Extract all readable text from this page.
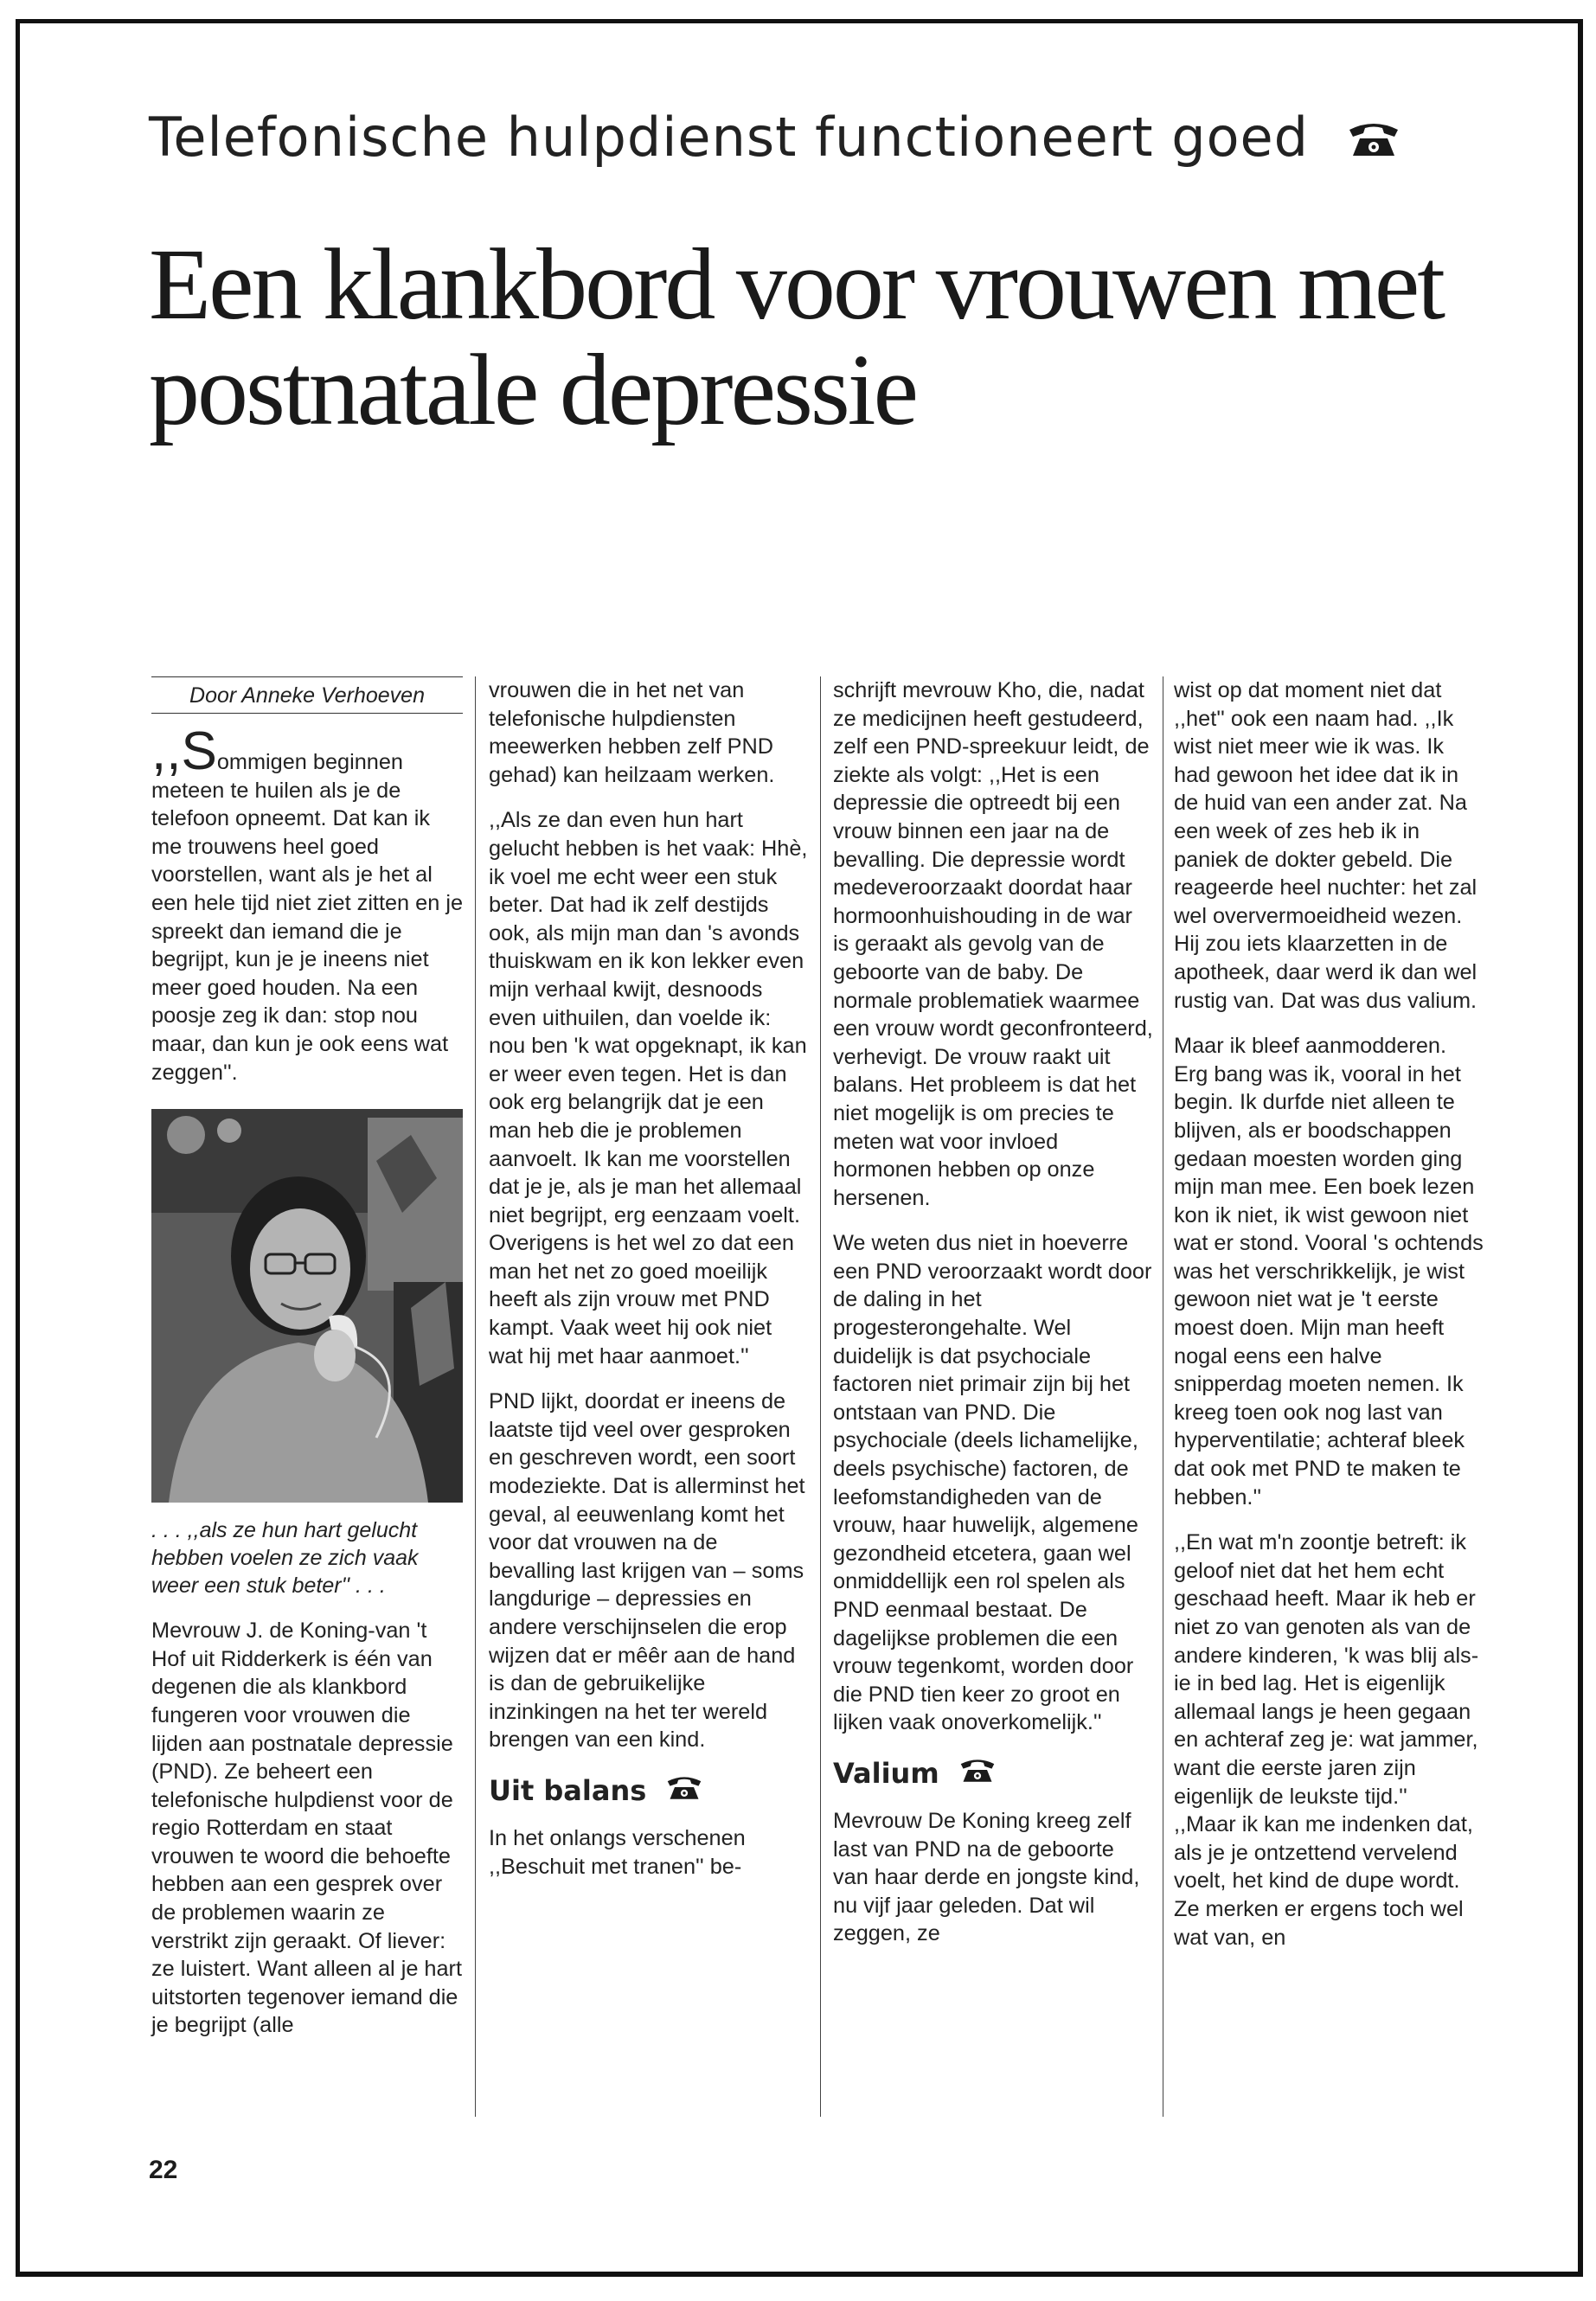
Telefonische hulpdienst functioneert goed
Een klankbord voor vrouwen met postnatale depressie
Door Anneke Verhoeven

,,Sommigen beginnen meteen te huilen als je de telefoon opneemt. Dat kan ik me trouwens heel goed voorstellen, want als je het al een hele tijd niet ziet zitten en je spreekt dan iemand die je begrijpt, kun je je ineens niet meer goed houden. Na een poosje zeg ik dan: stop nou maar, dan kun je ook eens wat zeggen''.

. . . ,,als ze hun hart gelucht hebben voelen ze zich vaak weer een stuk beter'' . . .

Mevrouw J. de Koning-van 't Hof uit Ridderkerk is één van degenen die als klankbord fungeren voor vrouwen die lijden aan postnatale depressie (PND). Ze beheert een telefonische hulpdienst voor de regio Rotterdam en staat vrouwen te woord die behoefte hebben aan een gesprek over de problemen waarin ze verstrikt zijn geraakt. Of liever: ze luistert. Want alleen al je hart uitstorten tegenover iemand die je begrijpt (alle

vrouwen die in het net van telefonische hulpdiensten meewerken hebben zelf PND gehad) kan heilzaam werken.

,,Als ze dan even hun hart gelucht hebben is het vaak: Hhè, ik voel me echt weer een stuk beter. Dat had ik zelf destijds ook, als mijn man dan 's avonds thuiskwam en ik kon lekker even mijn verhaal kwijt, desnoods even uithuilen, dan voelde ik: nou ben 'k wat opgeknapt, ik kan er weer even tegen. Het is dan ook erg belangrijk dat je een man heb die je problemen aanvoelt. Ik kan me voorstellen dat je je, als je man het allemaal niet begrijpt, erg eenzaam voelt. Overigens is het wel zo dat een man het net zo goed moeilijk heeft als zijn vrouw met PND kampt. Vaak weet hij ook niet wat hij met haar aanmoet.''

PND lijkt, doordat er ineens de laatste tijd veel over gesproken en geschreven wordt, een soort modeziekte. Dat is allerminst het geval, al eeuwenlang komt het voor dat vrouwen na de bevalling last krijgen van – soms langdurige – depressies en andere verschijnselen die erop wijzen dat er mêêr aan de hand is dan de gebruikelijke inzinkingen na het ter wereld brengen van een kind.

Uit balans

In het onlangs verschenen ,,Beschuit met tranen'' be-

schrijft mevrouw Kho, die, nadat ze medicijnen heeft gestudeerd, zelf een PND-spreekuur leidt, de ziekte als volgt: ,,Het is een depressie die optreedt bij een vrouw binnen een jaar na de bevalling. Die depressie wordt medeveroorzaakt doordat haar hormoonhuishouding in de war is geraakt als gevolg van de geboorte van de baby. De normale problematiek waarmee een vrouw wordt geconfronteerd, verhevigt. De vrouw raakt uit balans. Het probleem is dat het niet mogelijk is om precies te meten wat voor invloed hormonen hebben op onze hersenen.

We weten dus niet in hoeverre een PND veroorzaakt wordt door de daling in het progesterongehalte. Wel duidelijk is dat psychociale factoren niet primair zijn bij het ontstaan van PND. Die psychociale (deels lichamelijke, deels psychische) factoren, de leefomstandigheden van de vrouw, haar huwelijk, algemene gezondheid etcetera, gaan wel onmiddellijk een rol spelen als PND eenmaal bestaat. De dagelijkse problemen die een vrouw tegenkomt, worden door die PND tien keer zo groot en lijken vaak onoverkomelijk.''

Valium

Mevrouw De Koning kreeg zelf last van PND na de geboorte van haar derde en jongste kind, nu vijf jaar geleden. Dat wil zeggen, ze

wist op dat moment niet dat ,,het'' ook een naam had. ,,Ik wist niet meer wie ik was. Ik had gewoon het idee dat ik in de huid van een ander zat. Na een week of zes heb ik in paniek de dokter gebeld. Die reageerde heel nuchter: het zal wel oververmoeidheid wezen. Hij zou iets klaarzetten in de apotheek, daar werd ik dan wel rustig van. Dat was dus valium.

Maar ik bleef aanmodderen. Erg bang was ik, vooral in het begin. Ik durfde niet alleen te blijven, als er boodschappen gedaan moesten worden ging mijn man mee. Een boek lezen kon ik niet, ik wist gewoon niet wat er stond. Vooral 's ochtends was het verschrikkelijk, je wist gewoon niet wat je 't eerste moest doen. Mijn man heeft nogal eens een halve snipperdag moeten nemen. Ik kreeg toen ook nog last van hyperventilatie; achteraf bleek dat ook met PND te maken te hebben.''

,,En wat m'n zoontje betreft: ik geloof niet dat het hem echt geschaad heeft. Maar ik heb er niet zo van genoten als van de andere kinderen, 'k was blij als-ie in bed lag. Het is eigenlijk allemaal langs je heen gegaan en achteraf zeg je: wat jammer, want die eerste jaren zijn eigenlijk de leukste tijd.''

,,Maar ik kan me indenken dat, als je je ontzettend vervelend voelt, het kind de dupe wordt. Ze merken er ergens toch wel wat van, en

22
